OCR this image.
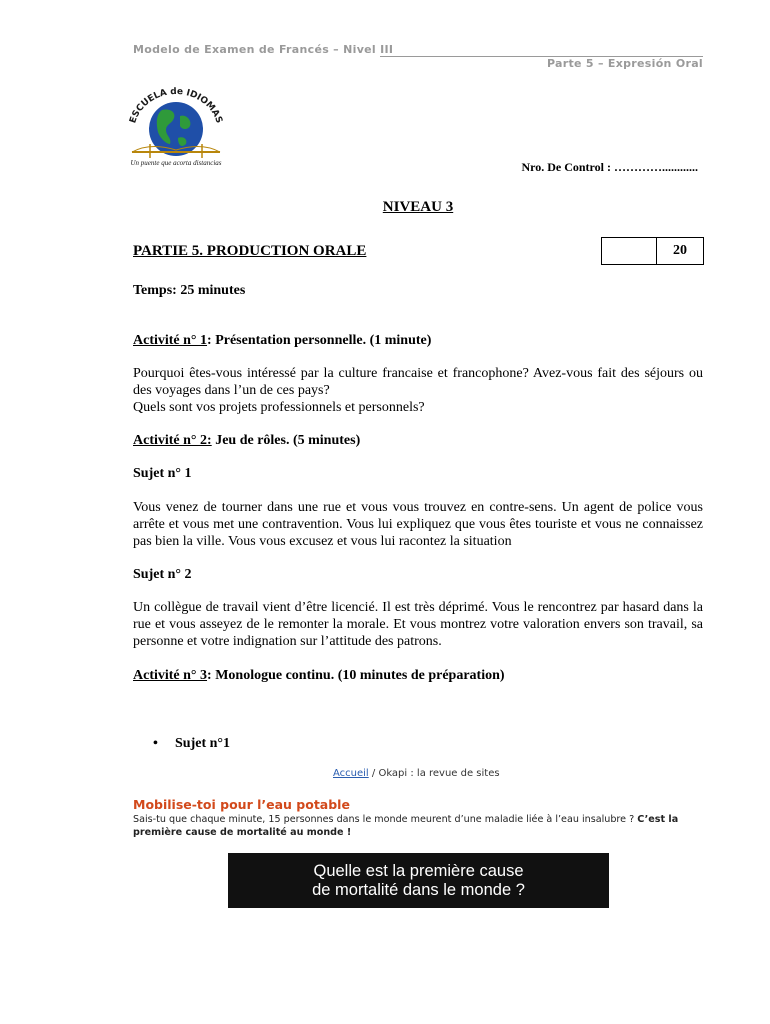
Modelo de Examen de Francés – Nivel III
Parte 5 – Expresión Oral
ESCUELA de IDIOMAS
Un puente que acorta distancias	Nro. De Control : …………............
NIVEAU 3
PARTIE 5. PRODUCTION ORALE	20
Temps: 25 minutes
Activité n° 1: Présentation personnelle. (1 minute)
Pourquoi êtes-vous intéressé par la culture francaise et francophone? Avez-vous fait des séjours ou des voyages dans l’un de ces pays?
Quels sont vos projets professionnels et personnels?
Activité n° 2: Jeu de rôles. (5 minutes)
Sujet n° 1
Vous venez de tourner dans une rue et vous vous trouvez en contre-sens. Un agent de police vous arrête et vous met une contravention. Vous lui expliquez que vous êtes touriste et vous ne connaissez pas bien la ville. Vous vous excusez et vous lui racontez la situation
Sujet n° 2
Un collègue de travail vient d’être licencié. Il est très déprimé. Vous le rencontrez par hasard dans la rue et vous asseyez de le remonter la morale. Et vous montrez votre valoration envers son travail, sa personne et votre indignation sur l’attitude des patrons.
Activité n° 3: Monologue continu. (10 minutes de préparation)
• Sujet n°1
Accueil / Okapi : la revue de sites
Mobilise-toi pour l’eau potable
Sais-tu que chaque minute, 15 personnes dans le monde meurent d’une maladie liée à l’eau insalubre ? C’est la première cause de mortalité au monde !
Quelle est la première cause
de mortalité dans le monde ?
